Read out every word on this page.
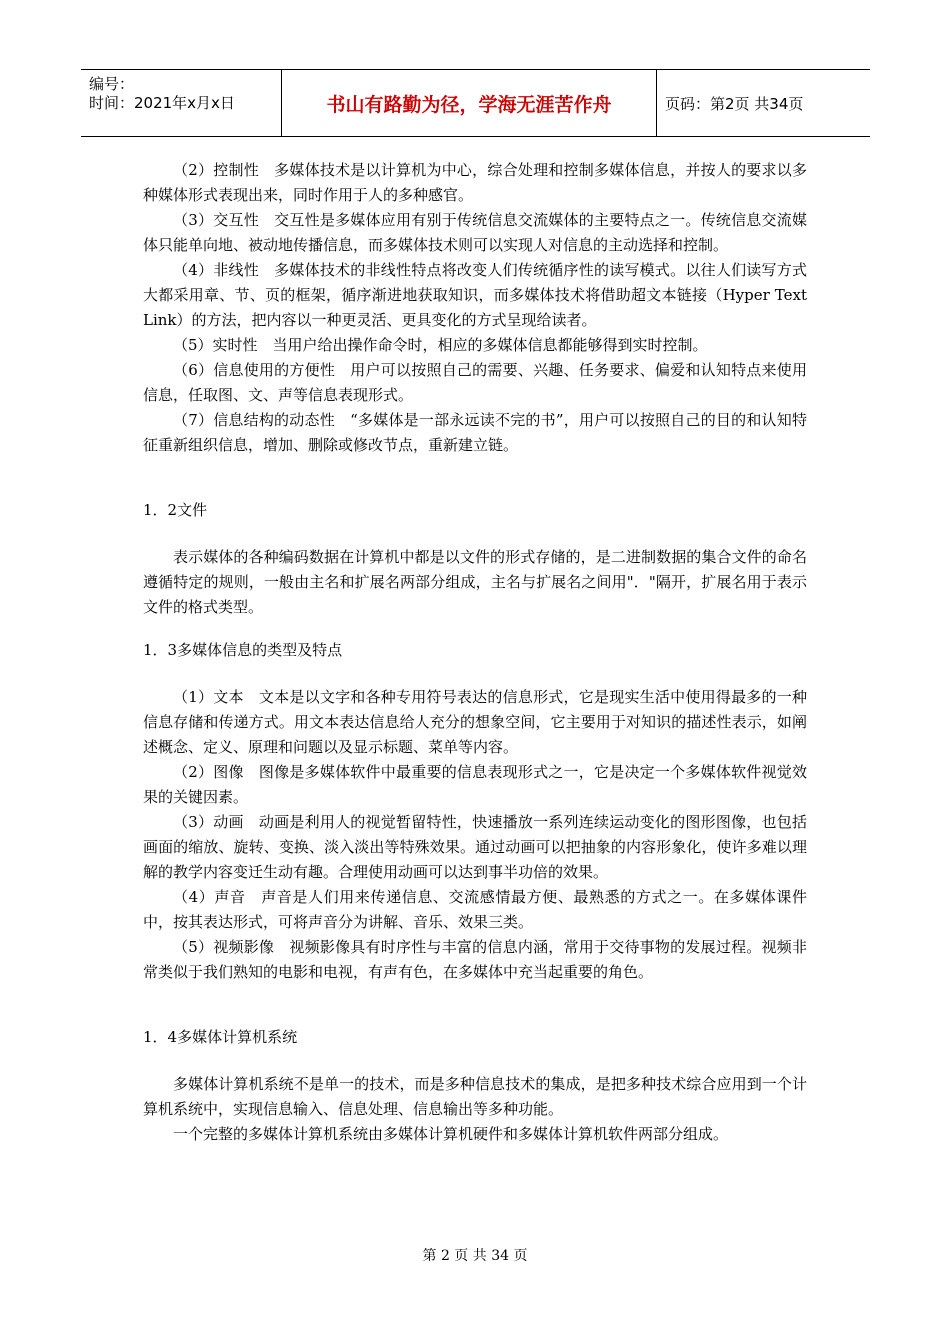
编号：
时间：2021年x月x日	书山有路勤为径，学海无涯苦作舟	页码：第2页 共34页

（2）控制性　多媒体技术是以计算机为中心，综合处理和控制多媒体信息，并按人的要求以多种媒体形式表现出来，同时作用于人的多种感官。

（3）交互性　交互性是多媒体应用有别于传统信息交流媒体的主要特点之一。传统信息交流媒体只能单向地、被动地传播信息，而多媒体技术则可以实现人对信息的主动选择和控制。

（4）非线性　多媒体技术的非线性特点将改变人们传统循序性的读写模式。以往人们读写方式大都采用章、节、页的框架，循序渐进地获取知识，而多媒体技术将借助超文本链接（Hyper Text Link）的方法，把内容以一种更灵活、更具变化的方式呈现给读者。

（5）实时性　当用户给出操作命令时，相应的多媒体信息都能够得到实时控制。

（6）信息使用的方便性　用户可以按照自己的需要、兴趣、任务要求、偏爱和认知特点来使用信息，任取图、文、声等信息表现形式。

（7）信息结构的动态性　“多媒体是一部永远读不完的书”，用户可以按照自己的目的和认知特征重新组织信息，增加、删除或修改节点，重新建立链。

1．2文件

表示媒体的各种编码数据在计算机中都是以文件的形式存储的，是二进制数据的集合文件的命名遵循特定的规则，一般由主名和扩展名两部分组成，主名与扩展名之间用"．"隔开，扩展名用于表示文件的格式类型。

1．3多媒体信息的类型及特点

（1）文本　文本是以文字和各种专用符号表达的信息形式，它是现实生活中使用得最多的一种信息存储和传递方式。用文本表达信息给人充分的想象空间，它主要用于对知识的描述性表示，如阐述概念、定义、原理和问题以及显示标题、菜单等内容。

（2）图像　图像是多媒体软件中最重要的信息表现形式之一，它是决定一个多媒体软件视觉效果的关键因素。

（3）动画　动画是利用人的视觉暂留特性，快速播放一系列连续运动变化的图形图像，也包括画面的缩放、旋转、变换、淡入淡出等特殊效果。通过动画可以把抽象的内容形象化，使许多难以理解的教学内容变迁生动有趣。合理使用动画可以达到事半功倍的效果。

（4）声音　声音是人们用来传递信息、交流感情最方便、最熟悉的方式之一。在多媒体课件中，按其表达形式，可将声音分为讲解、音乐、效果三类。

（5）视频影像　视频影像具有时序性与丰富的信息内涵，常用于交待事物的发展过程。视频非常类似于我们熟知的电影和电视，有声有色，在多媒体中充当起重要的角色。

1．4多媒体计算机系统

多媒体计算机系统不是单一的技术，而是多种信息技术的集成，是把多种技术综合应用到一个计算机系统中，实现信息输入、信息处理、信息输出等多种功能。

一个完整的多媒体计算机系统由多媒体计算机硬件和多媒体计算机软件两部分组成。

第 2 页 共 34 页
